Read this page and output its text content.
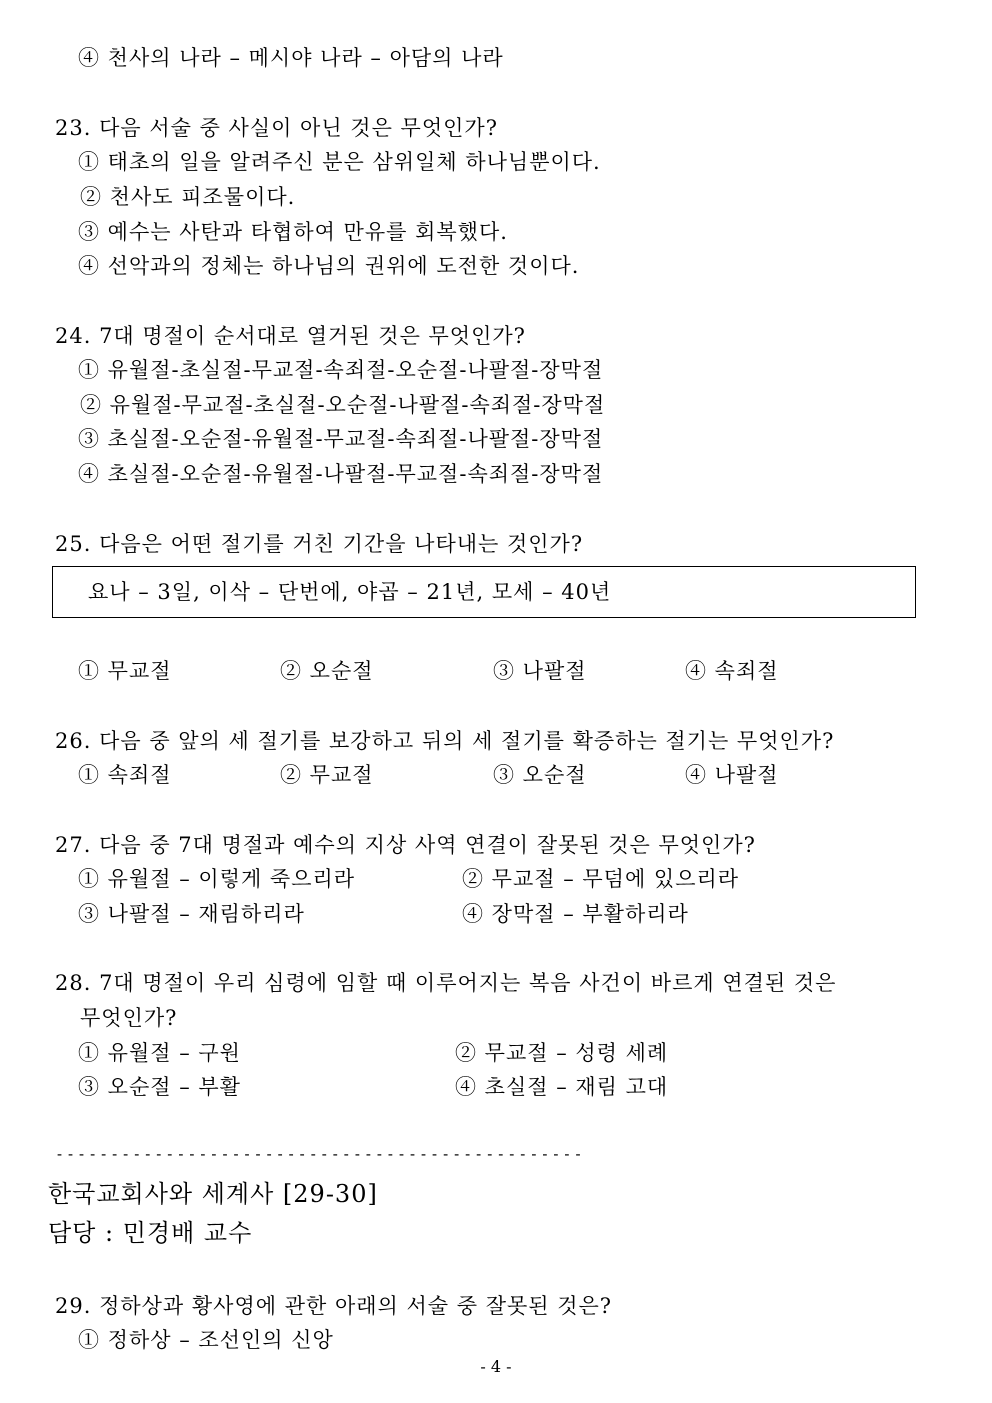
④ 천사의 나라 – 메시야 나라 – 아담의 나라
23. 다음 서술 중 사실이 아닌 것은 무엇인가?
① 태초의 일을 알려주신 분은 삼위일체 하나님뿐이다.
② 천사도 피조물이다.
③ 예수는 사탄과 타협하여 만유를 회복했다.
④ 선악과의 정체는 하나님의 권위에 도전한 것이다.
24. 7대 명절이 순서대로 열거된 것은 무엇인가?
① 유월절-초실절-무교절-속죄절-오순절-나팔절-장막절
② 유월절-무교절-초실절-오순절-나팔절-속죄절-장막절
③ 초실절-오순절-유월절-무교절-속죄절-나팔절-장막절
④ 초실절-오순절-유월절-나팔절-무교절-속죄절-장막절
25. 다음은 어떤 절기를 거친 기간을 나타내는 것인가?
요나 – 3일, 이삭 – 단번에, 야곱 – 21년, 모세 – 40년
① 무교절	② 오순절	③ 나팔절	④ 속죄절
26. 다음 중 앞의 세 절기를 보강하고 뒤의 세 절기를 확증하는 절기는 무엇인가?
① 속죄절	② 무교절	③ 오순절	④ 나팔절
27. 다음 중 7대 명절과 예수의 지상 사역 연결이 잘못된 것은 무엇인가?
① 유월절 – 이렇게 죽으리라	② 무교절 – 무덤에 있으리라
③ 나팔절 – 재림하리라	④ 장막절 – 부활하리라
28. 7대 명절이 우리 심령에 임할 때 이루어지는 복음 사건이 바르게 연결된 것은
무엇인가?
① 유월절 – 구원	② 무교절 – 성령 세례
③ 오순절 – 부활	④ 초실절 – 재림 고대
------------------------------------------------
한국교회사와 세계사 [29-30]
담당 : 민경배 교수
29. 정하상과 황사영에 관한 아래의 서술 중 잘못된 것은?
① 정하상 – 조선인의 신앙
- 4 -
